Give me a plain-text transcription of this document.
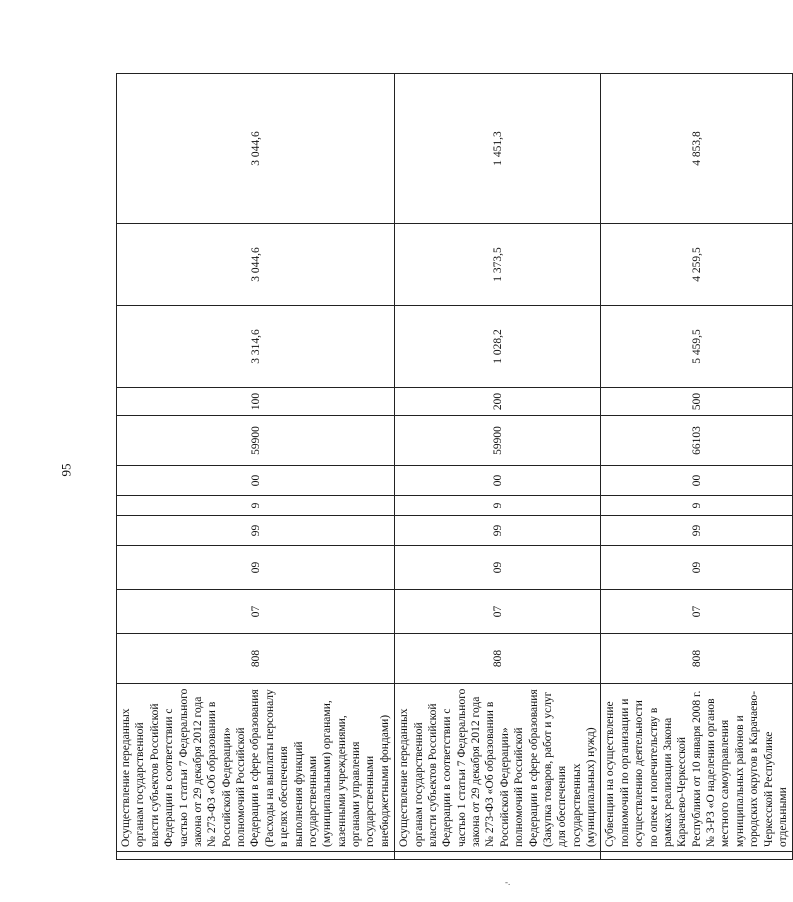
95
	Осуществление переданных органам государственной власти субъектов Российской Федерации в соответствии с частью 1 статьи 7 Федерального закона от 29 декабря 2012 года № 273-ФЗ «Об образовании в Российской Федерации» полномочий Российской Федерации в сфере образования (Расходы на выплаты персоналу в целях обеспечения выполнения функций государственными (муниципальными) органами, казенными учреждениями, органами управления государственными внебюджетными фондами)	808	07	09	99	9	00	59900	100	3 314,6	3 044,6	3 044,6
	Осуществление переданных органам государственной власти субъектов Российской Федерации в соответствии с частью 1 статьи 7 Федерального закона от 29 декабря 2012 года № 273-ФЗ «Об образовании в Российской Федерации» полномочий Российской Федерации в сфере образования (Закупка товаров, работ и услуг для обеспечения государственных (муниципальных) нужд)	808	07	09	99	9	00	59900	200	1 028,2	1 373,5	1 451,3
	Субвенции на осуществление полномочий по организации и осуществлению деятельности по опеке и попечительству в рамках реализации Закона Карачаево-Черкесской Республики от 10 января 2008 г. № 3-РЗ «О наделении органов местного самоуправления муниципальных районов и городских округов в Карачаево-Черкесской Республике отдельными	808	07	09	99	9	00	66103	500	5 459,5	4 259,5	4 853,8
-.
